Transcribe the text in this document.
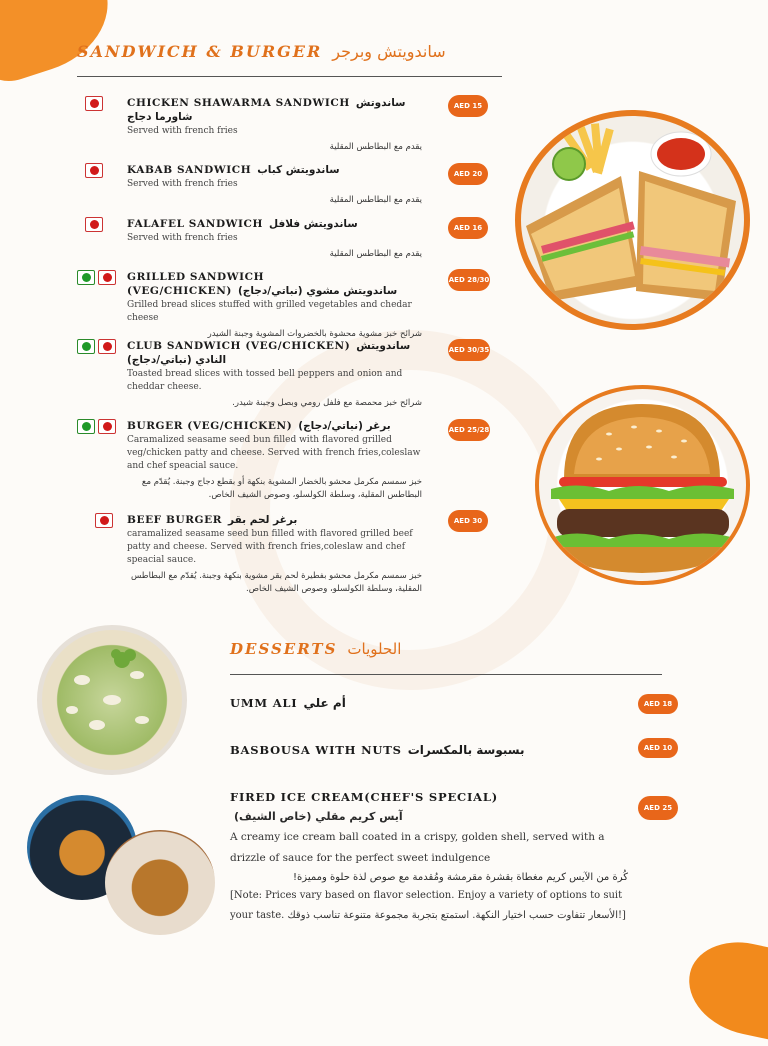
SANDWICH & BURGER ساندويتش وبرجر
CHICKEN SHAWARMA SANDWICH ساندوتش شاورما دجاج
Served with french fries
يقدم مع البطاطس المقلية
AED 15
KABAB SANDWICH ساندويتش كباب
Served with french fries
يقدم مع البطاطس المقلية
AED 20
FALAFEL SANDWICH ساندويتش فلافل
Served with french fries
يقدم مع البطاطس المقلية
AED 16
GRILLED SANDWICH (VEG/CHICKEN) ساندويتش مشوي (نباتي/دجاج)
Grilled bread slices stuffed with grilled vegetables and chedar cheese
شرائح خبز مشوية محشوة بالخضروات المشوية وجبنة الشيدر
AED 28/30
CLUB SANDWICH (VEG/CHICKEN) ساندويتش النادي (نباتي/دجاج)
Toasted bread slices with tossed bell peppers and onion and cheddar cheese.
شرائح خبز محمصة مع فلفل رومي وبصل وجبنة شيدر.
AED 30/35
BURGER (VEG/CHICKEN) برغر (نباتي/دجاج)
Caramalized seasame seed bun filled with flavored grilled veg/chicken patty and cheese. Served with french fries,coleslaw and chef speacial sauce.
خبز سمسم مكرمل محشو بالخضار المشوية بنكهة أو بقطع دجاج وجبنة. يُقدّم مع البطاطس المقلية، وسلطة الكولسلو، وصوص الشيف الخاص.
AED 25/28
BEEF BURGER برغر لحم بقر
caramalized seasame seed bun filled with flavored grilled beef patty and cheese. Served with french fries,coleslaw and chef speacial sauce.
خبز سمسم مكرمل محشو بفطيرة لحم بقر مشوية بنكهة وجبنة. يُقدّم مع البطاطس المقلية، وسلطة الكولسلو، وصوص الشيف الخاص.
AED 30
DESSERTS الحلويات
UMM ALI أم علي	AED 18
BASBOUSA WITH NUTS بسبوسة بالمكسرات	AED 10
FIRED ICE CREAM(CHEF'S SPECIAL)
آيس كريم مقلي (خاص الشيف)
A creamy ice cream ball coated in a crispy, golden shell, served with a drizzle of sauce for the perfect sweet indulgence
كُرة من الآيس كريم مغطاة بقشرة مقرمشة ومُقدمة مع صوص لذة حلوة ومميزة!
[Note: Prices vary based on flavor selection. Enjoy a variety of options to suit your taste. الأسعار تتفاوت حسب اختيار النكهة. استمتع بتجربة مجموعة متنوعة تناسب ذوقك!]
AED 25
